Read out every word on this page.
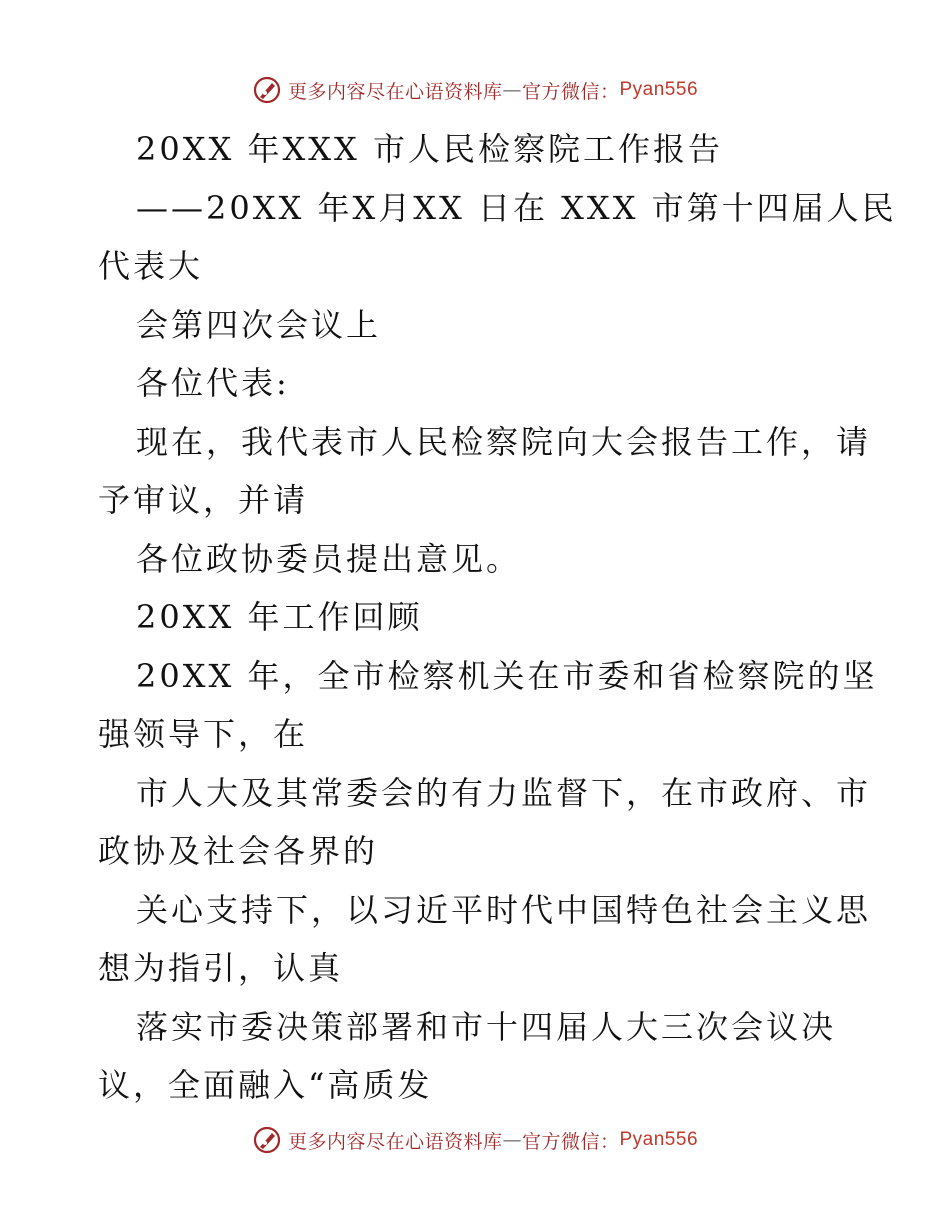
更多内容尽在心语资料库 — 官方微信： Pyan556
20XX 年XXX 市人民检察院工作报告
——20XX 年X月XX 日在 XXX 市第十四届人民
代表大
会第四次会议上
各位代表:
现在，我代表市人民检察院向大会报告工作，请
予审议，并请
各位政协委员提出意见。
20XX 年工作回顾
20XX 年，全市检察机关在市委和省检察院的坚
强领导下，在
市人大及其常委会的有力监督下，在市政府、市
政协及社会各界的
关心支持下，以习近平时代中国特色社会主义思
想为指引，认真
落实市委决策部署和市十四届人大三次会议决
议，全面融入“高质发
更多内容尽在心语资料库 — 官方微信： Pyan556
